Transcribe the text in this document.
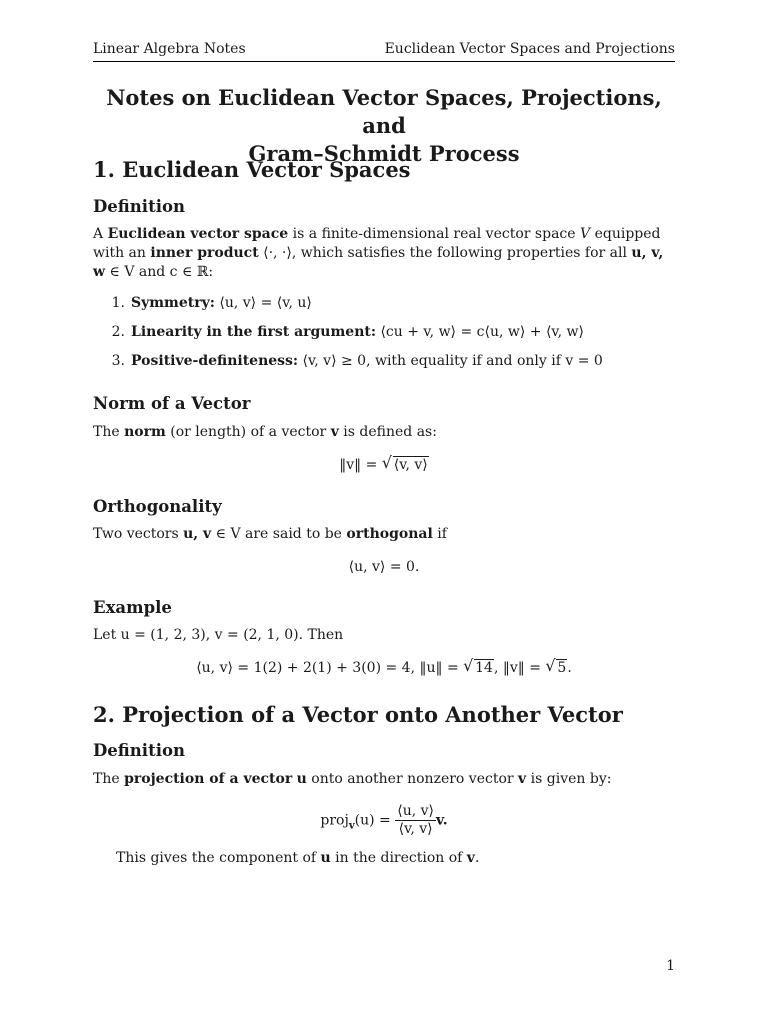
Linear Algebra Notes	Euclidean Vector Spaces and Projections
Notes on Euclidean Vector Spaces, Projections, and
Gram–Schmidt Process
1. Euclidean Vector Spaces
Definition

A Euclidean vector space is a finite-dimensional real vector space V equipped with an inner product ⟨·, ·⟩, which satisfies the following properties for all u, v, w ∈ V and c ∈ ℝ:

1. Symmetry:
⟨u, v⟩ = ⟨v, u⟩
2. Linearity in the first argument:
⟨cu + v, w⟩ = c⟨u, w⟩ + ⟨v, w⟩
3. Positive-definiteness:
⟨v, v⟩ ≥ 0, with equality if and only if v = 0
Norm of a Vector

The norm (or length) of a vector v is defined as:

‖v‖ = √ ⟨v, v⟩
Orthogonality

Two vectors u, v ∈ V are said to be orthogonal if

⟨u, v⟩ = 0.
Example

Let u = (1, 2, 3), v = (2, 1, 0). Then

⟨u, v⟩ = 1(2) + 2(1) + 3(0) = 4, ‖u‖ = √ 14, ‖v‖ = √ 5.
2. Projection of a Vector onto Another Vector
Definition

The projection of a vector u onto another nonzero vector v is given by:

proj$_v$(u) = $\frac{⟨u, v⟩}{⟨v, v⟩} v$.

This gives the component of u in the direction of v.

1
